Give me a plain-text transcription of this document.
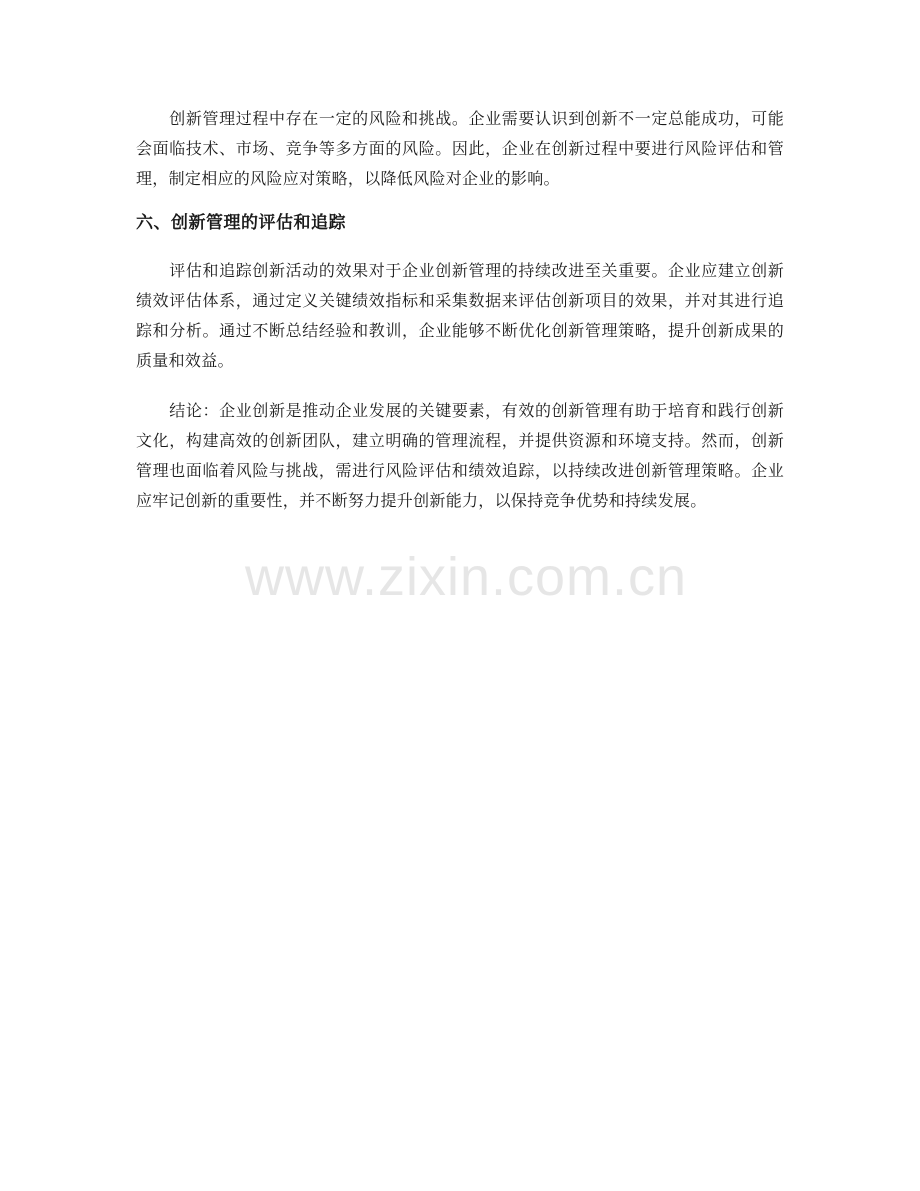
　　创新管理过程中存在一定的风险和挑战。企业需要认识到创新不一定总能成功，可能会面临技术、市场、竞争等多方面的风险。因此，企业在创新过程中要进行风险评估和管理，制定相应的风险应对策略，以降低风险对企业的影响。

六、创新管理的评估和追踪

　　评估和追踪创新活动的效果对于企业创新管理的持续改进至关重要。企业应建立创新绩效评估体系，通过定义关键绩效指标和采集数据来评估创新项目的效果，并对其进行追踪和分析。通过不断总结经验和教训，企业能够不断优化创新管理策略，提升创新成果的质量和效益。

　　结论：企业创新是推动企业发展的关键要素，有效的创新管理有助于培育和践行创新文化，构建高效的创新团队，建立明确的管理流程，并提供资源和环境支持。然而，创新管理也面临着风险与挑战，需进行风险评估和绩效追踪，以持续改进创新管理策略。企业应牢记创新的重要性，并不断努力提升创新能力，以保持竞争优势和持续发展。

www.zixin.com.cn
